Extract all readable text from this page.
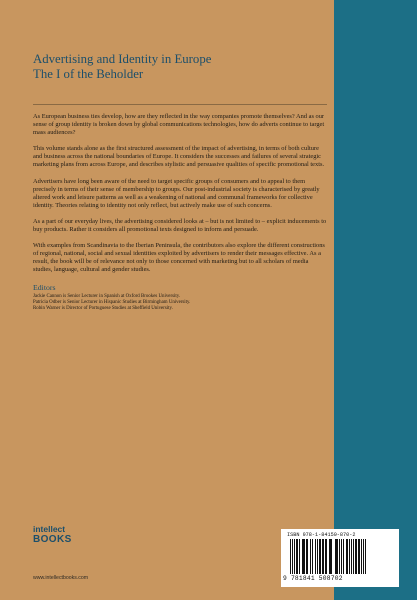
Advertising and Identity in Europe

The I of the Beholder

As European business ties develop, how are they reflected in the way companies promote themselves? And as our sense of group identity is broken down by global communications technologies, how do adverts continue to target mass audiences?

This volume stands alone as the first structured assessment of the impact of advertising, in terms of both culture and business across the national boundaries of Europe. It considers the successes and failures of several strategic marketing plans from across Europe, and describes stylistic and persuasive qualities of specific promotional texts.

Advertisers have long been aware of the need to target specific groups of consumers and to appeal to them precisely in terms of their sense of membership to groups. Our post-industrial society is characterised by greatly altered work and leisure patterns as well as a weakening of national and communal frameworks for collective identity. Theories relating to identity not only reflect, but actively make use of such concerns.

As a part of our everyday lives, the advertising considered looks at – but is not limited to – explicit inducements to buy products. Rather it considers all promotional texts designed to inform and persuade.

With examples from Scandinavia to the Iberian Peninsula, the contributors also explore the different constructions of regional, national, social and sexual identities exploited by advertisers to render their messages effective. As a result, the book will be of relevance not only to those concerned with marketing but to all scholars of media studies, language, cultural and gender studies.

Editors

Jackie Cannon is Senior Lecturer in Spanish at Oxford Brookes University.

Patricia Odber is Senior Lecturer in Hispanic Studies at Birmingham University.

Robin Warner is Director of Portuguese Studies at Sheffield University.

intellect
BOOKS
www.intellectbooks.com
ISBN 978-1-84150-870-2
9 781841 508702
